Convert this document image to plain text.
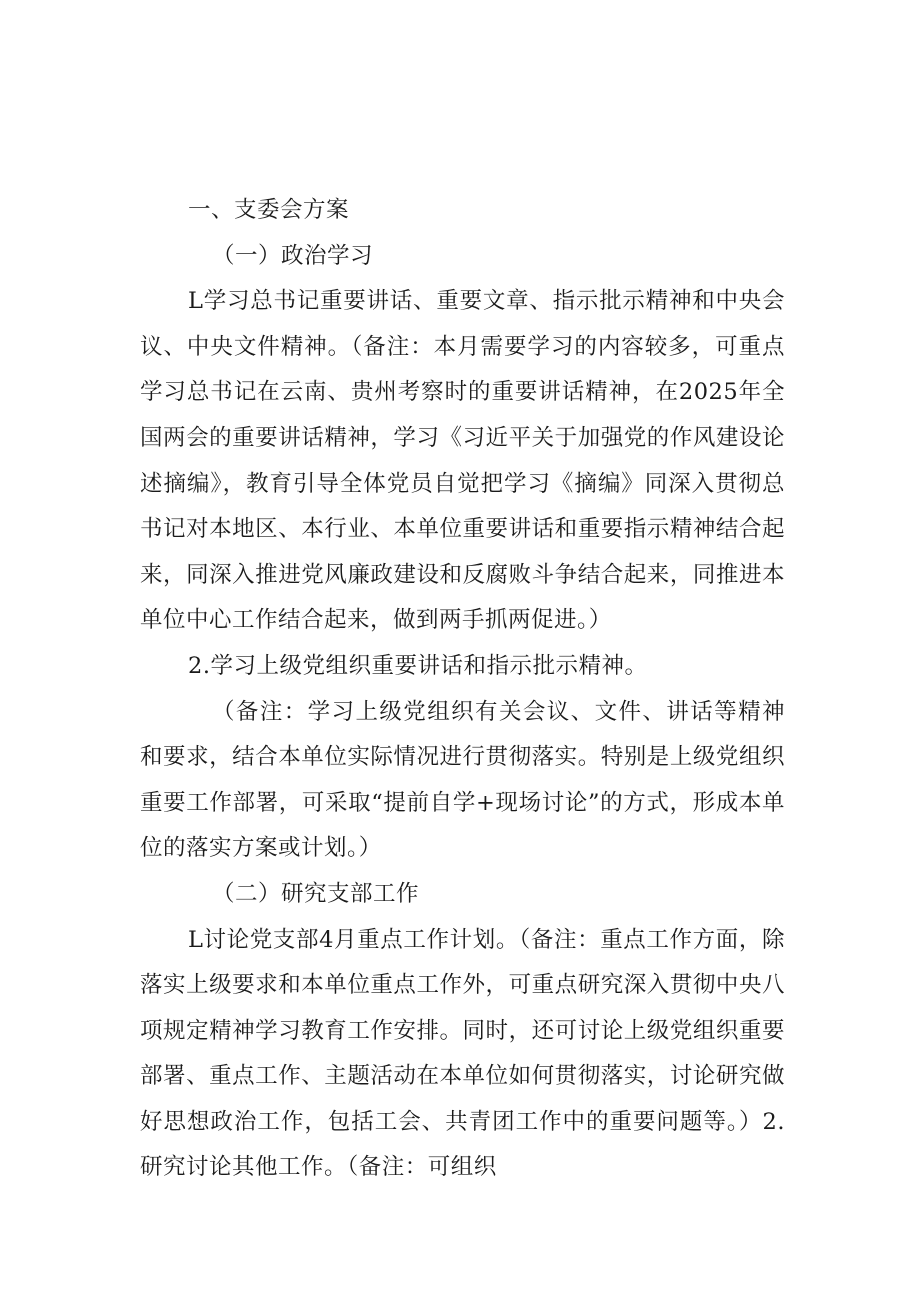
一、支委会方案

（一）政治学习

L学习总书记重要讲话、重要文章、指示批示精神和中央会议、中央文件精神。（备注：本月需要学习的内容较多，可重点学习总书记在云南、贵州考察时的重要讲话精神，在2025年全国两会的重要讲话精神，学习《习近平关于加强党的作风建设论述摘编》，教育引导全体党员自觉把学习《摘编》同深入贯彻总书记对本地区、本行业、本单位重要讲话和重要指示精神结合起来，同深入推进党风廉政建设和反腐败斗争结合起来，同推进本单位中心工作结合起来，做到两手抓两促进。）

2.学习上级党组织重要讲话和指示批示精神。

（备注：学习上级党组织有关会议、文件、讲话等精神和要求，结合本单位实际情况进行贯彻落实。特别是上级党组织重要工作部署，可采取“提前自学+现场讨论”的方式，形成本单位的落实方案或计划。）

（二）研究支部工作

L讨论党支部4月重点工作计划。（备注：重点工作方面，除落实上级要求和本单位重点工作外，可重点研究深入贯彻中央八项规定精神学习教育工作安排。同时，还可讨论上级党组织重要部署、重点工作、主题活动在本单位如何贯彻落实，讨论研究做好思想政治工作，包括工会、共青团工作中的重要问题等。）2.研究讨论其他工作。（备注：可组织
